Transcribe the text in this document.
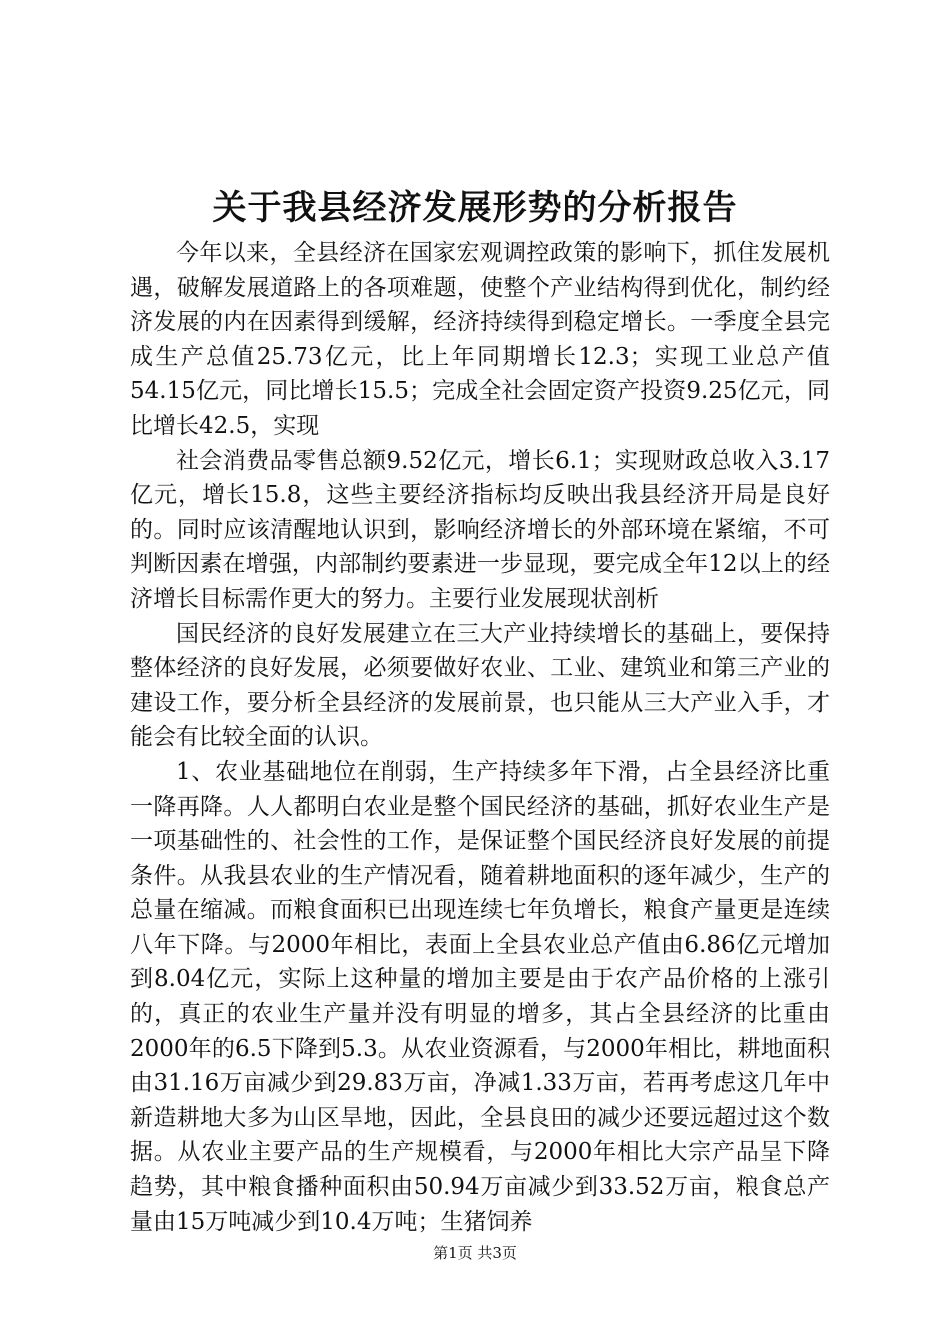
关于我县经济发展形势的分析报告

今年以来，全县经济在国家宏观调控政策的影响下，抓住发展机遇，破解发展道路上的各项难题，使整个产业结构得到优化，制约经济发展的内在因素得到缓解，经济持续得到稳定增长。一季度全县完成生产总值25.73亿元，比上年同期增长12.3；实现工业总产值54.15亿元，同比增长15.5；完成全社会固定资产投资9.25亿元，同比增长42.5，实现

社会消费品零售总额9.52亿元，增长6.1；实现财政总收入3.17亿元，增长15.8，这些主要经济指标均反映出我县经济开局是良好的。同时应该清醒地认识到，影响经济增长的外部环境在紧缩，不可判断因素在增强，内部制约要素进一步显现，要完成全年12以上的经济增长目标需作更大的努力。主要行业发展现状剖析

国民经济的良好发展建立在三大产业持续增长的基础上，要保持整体经济的良好发展，必须要做好农业、工业、建筑业和第三产业的建设工作，要分析全县经济的发展前景，也只能从三大产业入手，才能会有比较全面的认识。

1、农业基础地位在削弱，生产持续多年下滑，占全县经济比重一降再降。人人都明白农业是整个国民经济的基础，抓好农业生产是一项基础性的、社会性的工作，是保证整个国民经济良好发展的前提条件。从我县农业的生产情况看，随着耕地面积的逐年减少，生产的总量在缩减。而粮食面积已出现连续七年负增长，粮食产量更是连续八年下降。与2000年相比，表面上全县农业总产值由6.86亿元增加到8.04亿元，实际上这种量的增加主要是由于农产品价格的上涨引的，真正的农业生产量并没有明显的增多，其占全县经济的比重由2000年的6.5下降到5.3。从农业资源看，与2000年相比，耕地面积由31.16万亩减少到29.83万亩，净减1.33万亩，若再考虑这几年中新造耕地大多为山区旱地，因此，全县良田的减少还要远超过这个数据。从农业主要产品的生产规模看，与2000年相比大宗产品呈下降趋势，其中粮食播种面积由50.94万亩减少到33.52万亩，粮食总产量由15万吨减少到10.4万吨；生猪饲养

第1页 共3页
